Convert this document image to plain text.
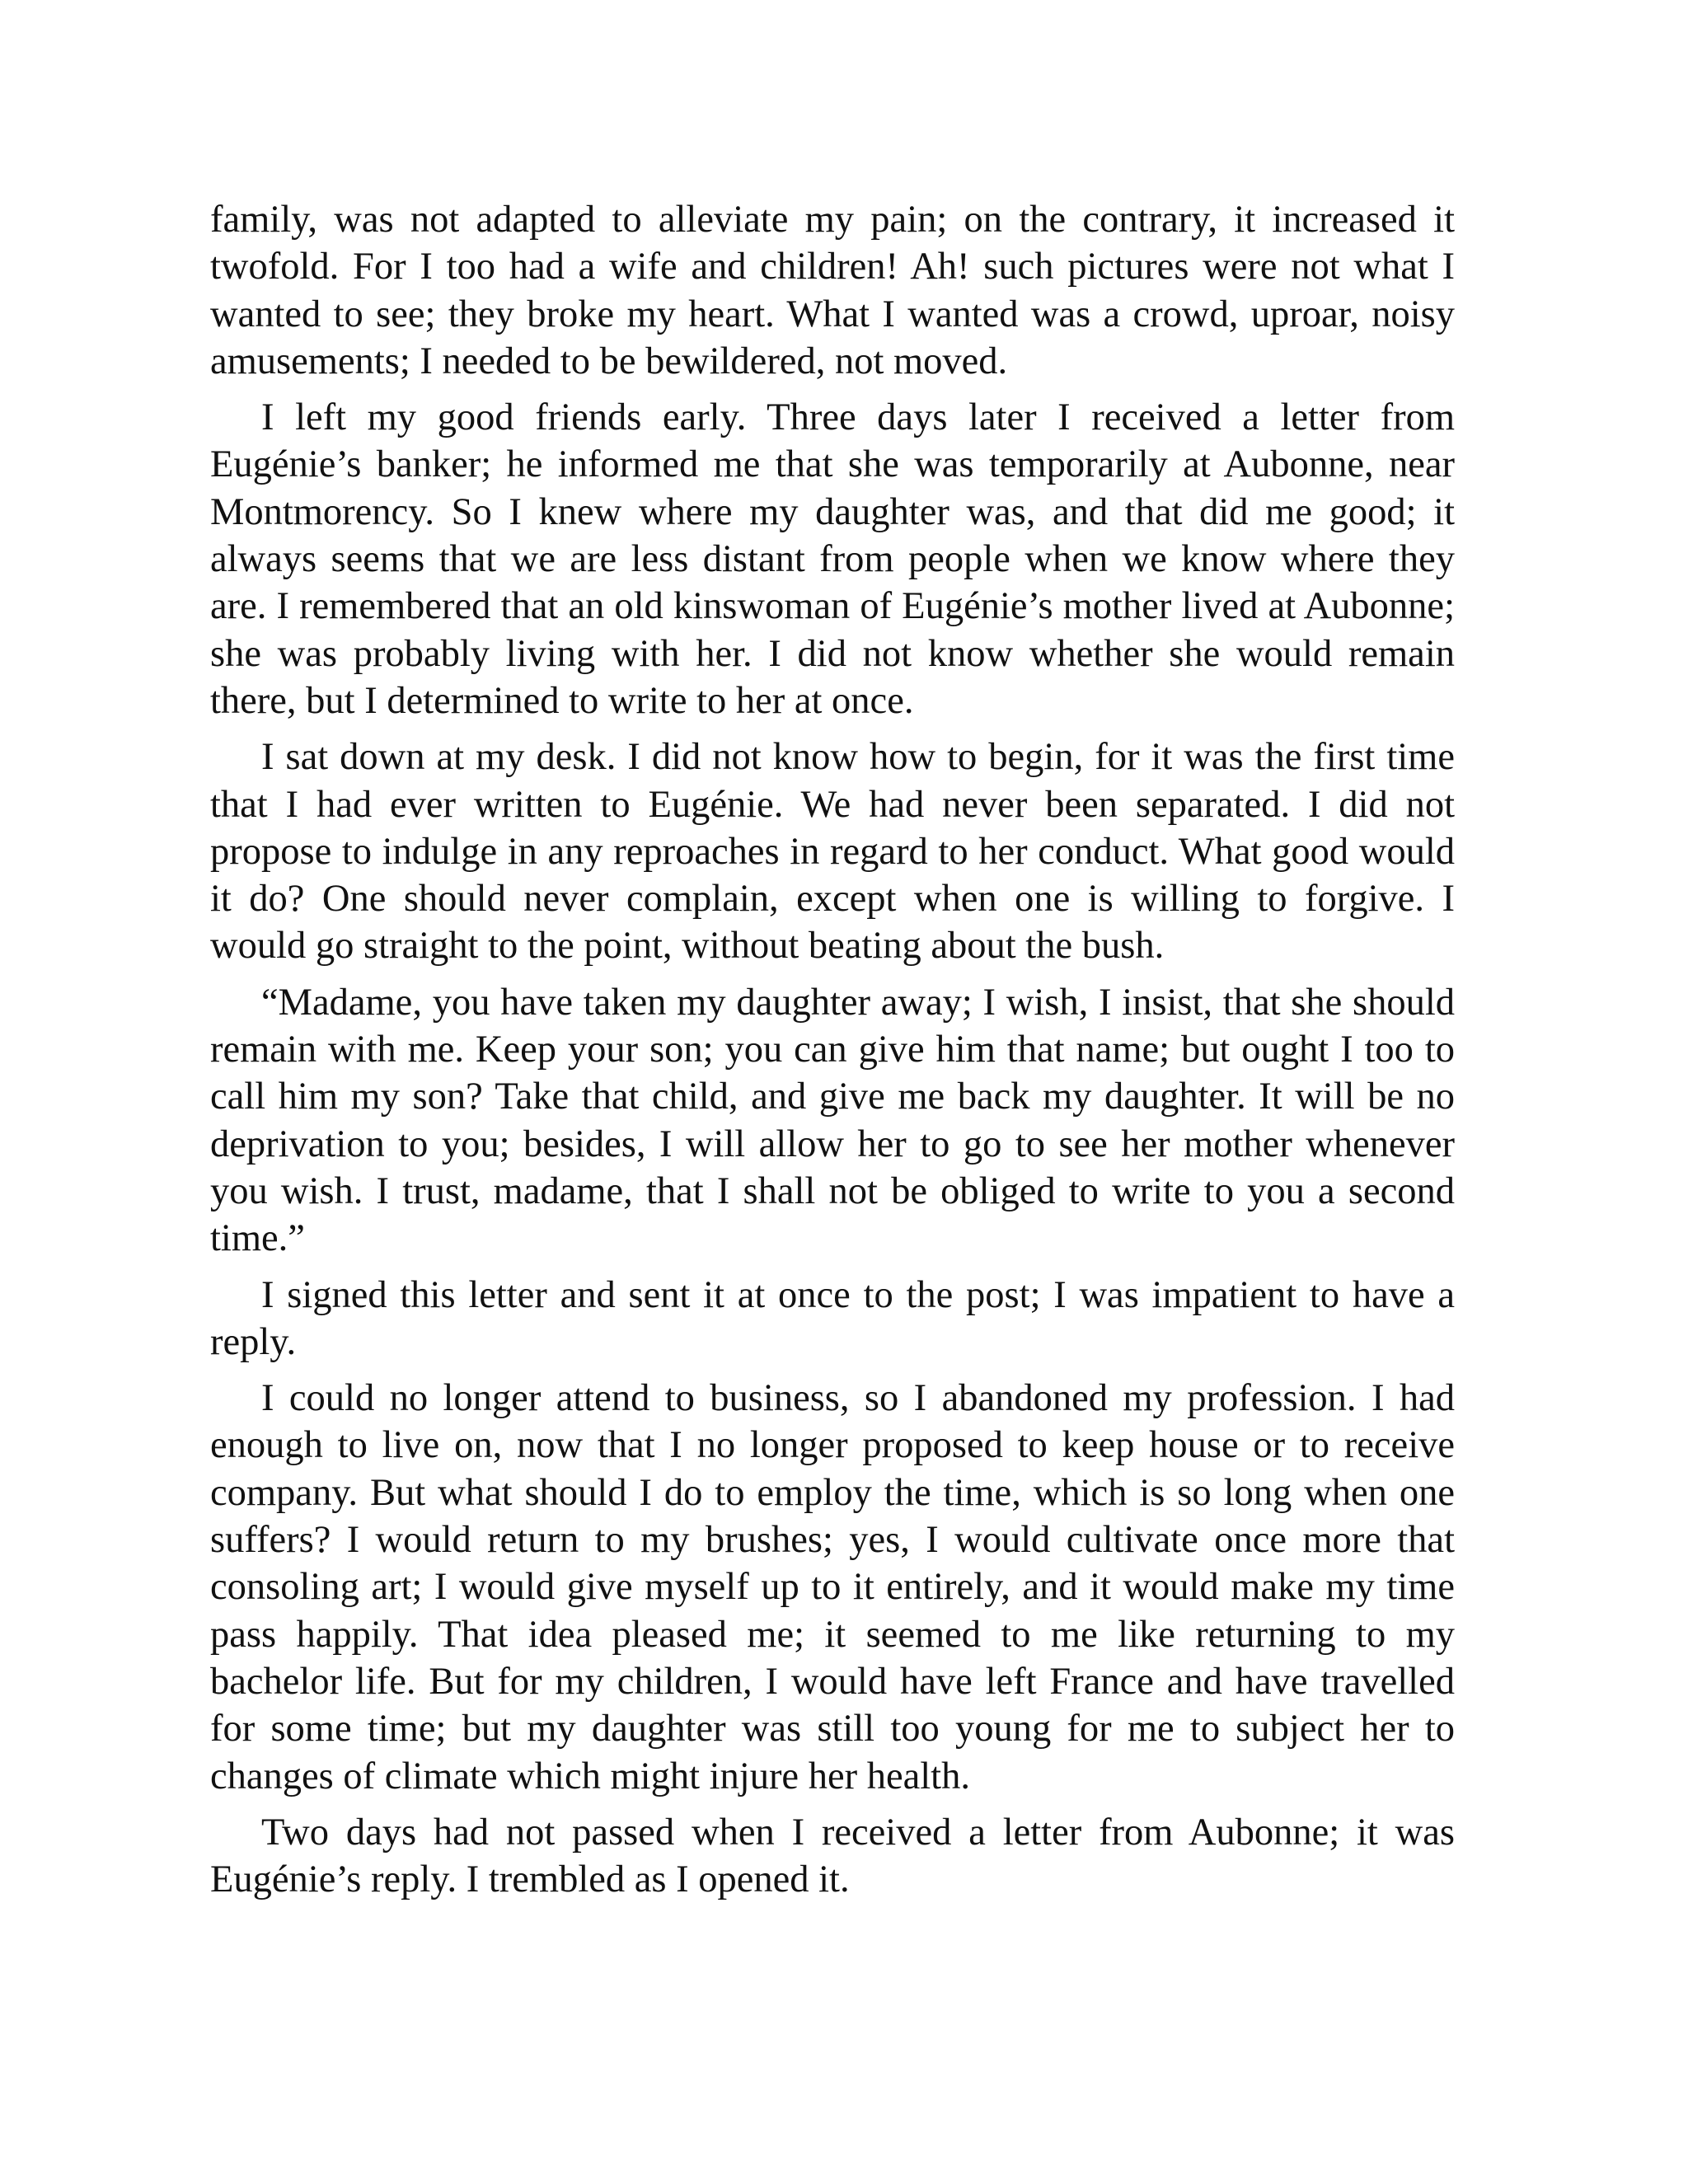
family, was not adapted to alleviate my pain; on the contrary, it increased it twofold. For I too had a wife and children! Ah! such pictures were not what I wanted to see; they broke my heart. What I wanted was a crowd, uproar, noisy amusements; I needed to be bewildered, not moved.

I left my good friends early. Three days later I received a letter from Eugénie’s banker; he informed me that she was temporarily at Aubonne, near Montmorency. So I knew where my daughter was, and that did me good; it always seems that we are less distant from people when we know where they are. I remembered that an old kinswoman of Eugénie’s mother lived at Aubonne; she was probably living with her. I did not know whether she would remain there, but I determined to write to her at once.

I sat down at my desk. I did not know how to begin, for it was the first time that I had ever written to Eugénie. We had never been separated. I did not propose to indulge in any reproaches in regard to her conduct. What good would it do? One should never complain, except when one is willing to forgive. I would go straight to the point, without beating about the bush.

“Madame, you have taken my daughter away; I wish, I insist, that she should remain with me. Keep your son; you can give him that name; but ought I too to call him my son? Take that child, and give me back my daughter. It will be no deprivation to you; besides, I will allow her to go to see her mother whenever you wish. I trust, madame, that I shall not be obliged to write to you a second time.”

I signed this letter and sent it at once to the post; I was impatient to have a reply.

I could no longer attend to business, so I abandoned my profession. I had enough to live on, now that I no longer proposed to keep house or to receive company. But what should I do to employ the time, which is so long when one suffers? I would return to my brushes; yes, I would cultivate once more that consoling art; I would give myself up to it entirely, and it would make my time pass happily. That idea pleased me; it seemed to me like returning to my bachelor life. But for my children, I would have left France and have travelled for some time; but my daughter was still too young for me to subject her to changes of climate which might injure her health.

Two days had not passed when I received a letter from Aubonne; it was Eugénie’s reply. I trembled as I opened it.
